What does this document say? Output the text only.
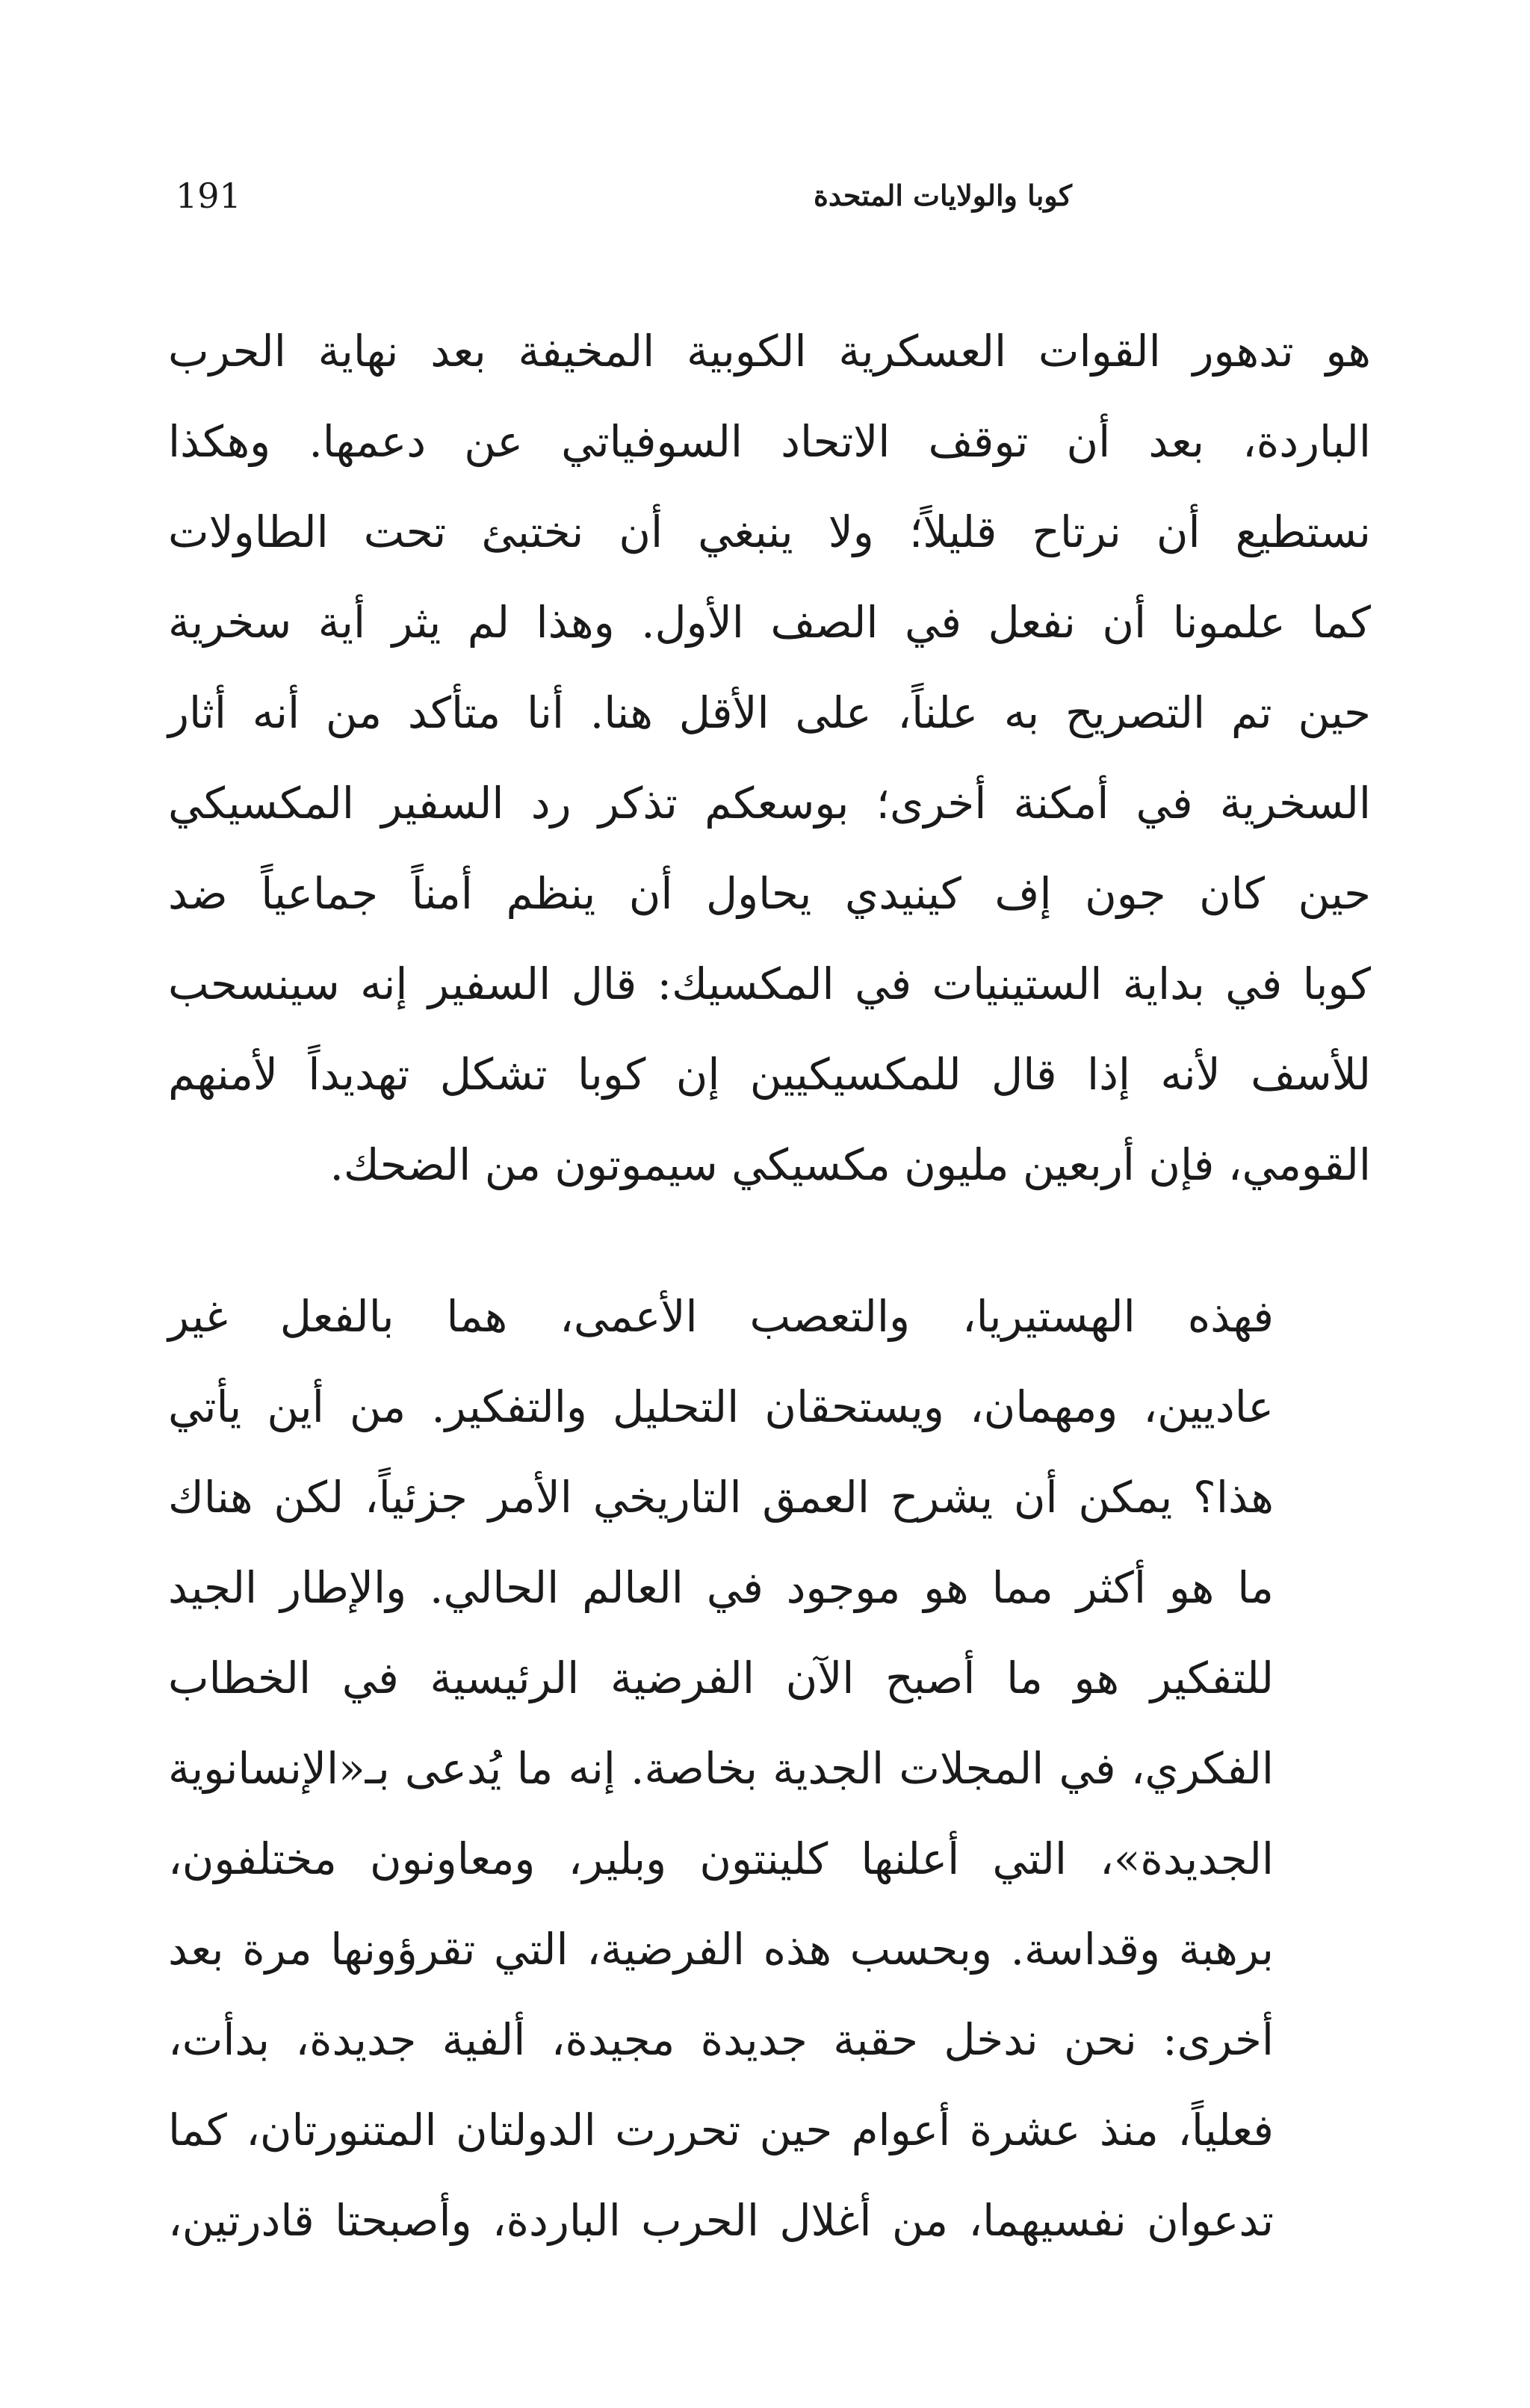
كوبا والولايات المتحدة
191

هو تدهور القوات العسكرية الكوبية المخيفة بعد نهاية الحرب
الباردة، بعد أن توقف الاتحاد السوفياتي عن دعمها. وهكذا
نستطيع أن نرتاح قليلاً؛ ولا ينبغي أن نختبئ تحت الطاولات
كما علمونا أن نفعل في الصف الأول. وهذا لم يثر أية سخرية
حين تم التصريح به علناً، على الأقل هنا. أنا متأكد من أنه أثار
السخرية في أمكنة أخرى؛ بوسعكم تذكر رد السفير المكسيكي
حين كان جون إف كينيدي يحاول أن ينظم أمناً جماعياً ضد
كوبا في بداية الستينيات في المكسيك: قال السفير إنه سينسحب
للأسف لأنه إذا قال للمكسيكيين إن كوبا تشكل تهديداً لأمنهم
القومي، فإن أربعين مليون مكسيكي سيموتون من الضحك.

فهذه الهستيريا، والتعصب الأعمى، هما بالفعل غير
عاديين، ومهمان، ويستحقان التحليل والتفكير. من أين يأتي
هذا؟ يمكن أن يشرح العمق التاريخي الأمر جزئياً، لكن هناك
ما هو أكثر مما هو موجود في العالم الحالي. والإطار الجيد
للتفكير هو ما أصبح الآن الفرضية الرئيسية في الخطاب
الفكري، في المجلات الجدية بخاصة. إنه ما يُدعى بـ«الإنسانوية
الجديدة»، التي أعلنها كلينتون وبلير، ومعاونون مختلفون،
برهبة وقداسة. وبحسب هذه الفرضية، التي تقرؤونها مرة بعد
أخرى: نحن ندخل حقبة جديدة مجيدة، ألفية جديدة، بدأت،
فعلياً، منذ عشرة أعوام حين تحررت الدولتان المتنورتان، كما
تدعوان نفسيهما، من أغلال الحرب الباردة، وأصبحتا قادرتين،
